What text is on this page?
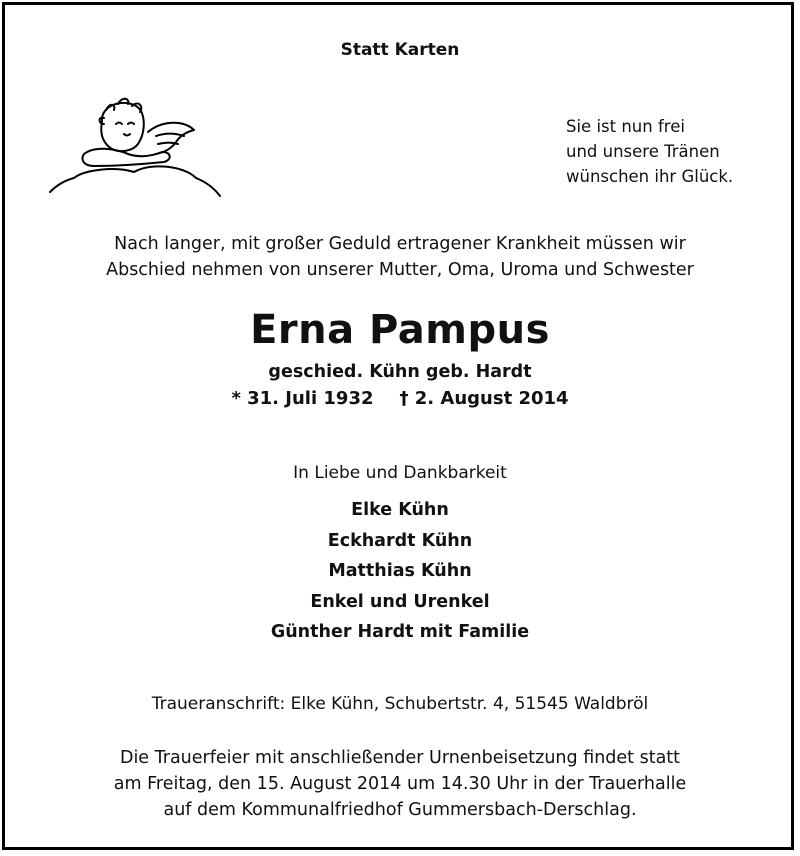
Statt Karten
Sie ist nun frei
und unsere Tränen
wünschen ihr Glück.
Nach langer, mit großer Geduld ertragener Krankheit müssen wir
Abschied nehmen von unserer Mutter, Oma, Uroma und Schwester
Erna Pampus
geschied. Kühn geb. Hardt
* 31. Juli 1932 † 2. August 2014
In Liebe und Dankbarkeit
Elke Kühn
Eckhardt Kühn
Matthias Kühn
Enkel und Urenkel
Günther Hardt mit Familie
Traueranschrift: Elke Kühn, Schubertstr. 4, 51545 Waldbröl
Die Trauerfeier mit anschließender Urnenbeisetzung findet statt
am Freitag, den 15. August 2014 um 14.30 Uhr in der Trauerhalle
auf dem Kommunalfriedhof Gummersbach-Derschlag.
